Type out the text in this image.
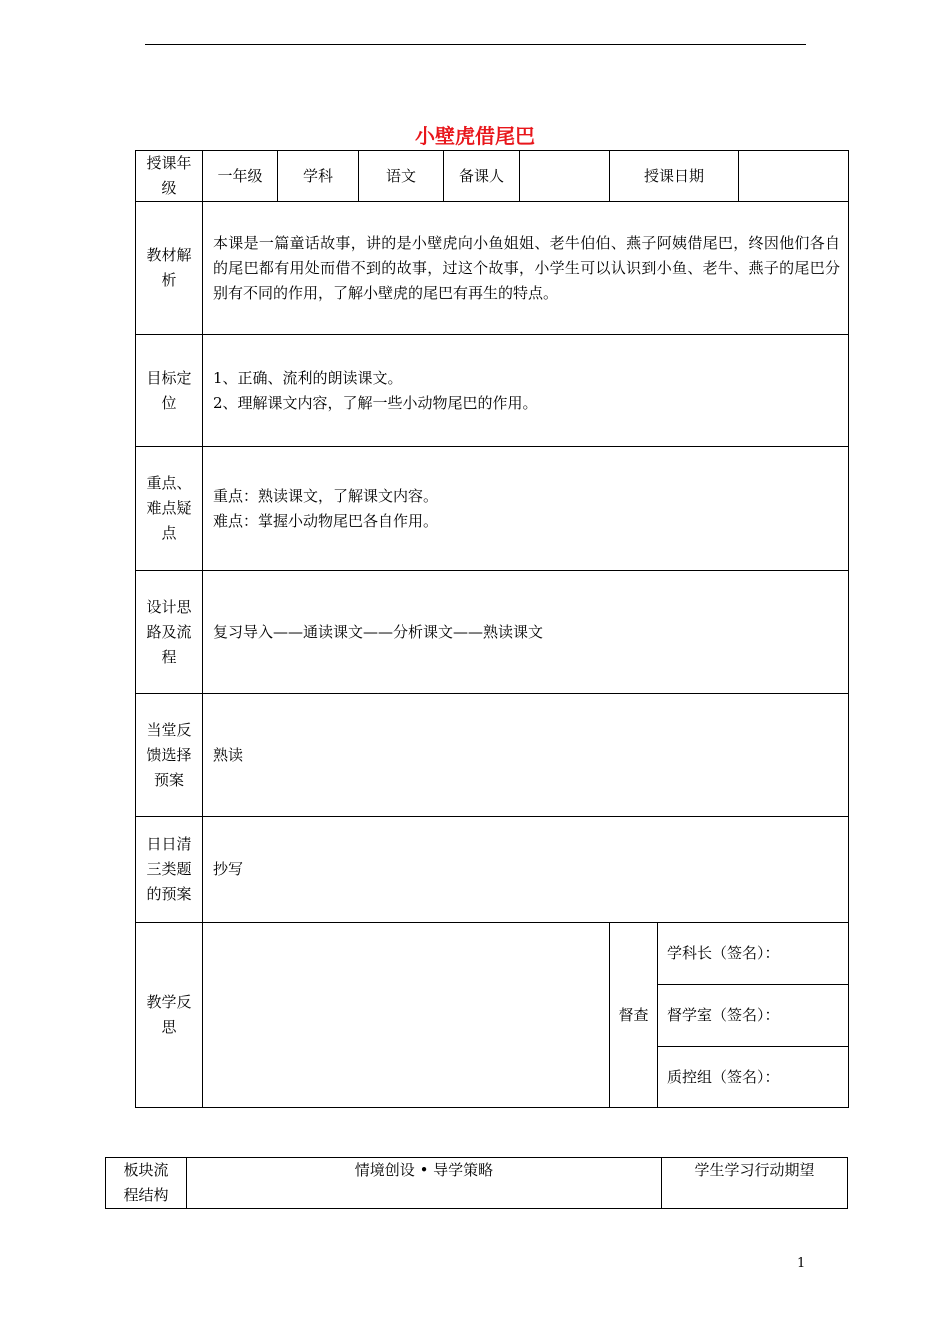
小壁虎借尾巴
授课年级	一年级	学科	语文	备课人		授课日期		
教材解析	本课是一篇童话故事，讲的是小壁虎向小鱼姐姐、老牛伯伯、燕子阿姨借尾巴，终因他们各自的尾巴都有用处而借不到的故事，过这个故事，小学生可以认识到小鱼、老牛、燕子的尾巴分别有不同的作用，了解小壁虎的尾巴有再生的特点。							
目标定位	1、正确、流利的朗读课文。
2、理解课文内容，了解一些小动物尾巴的作用。							

重点、难点疑点	重点：熟读课文，了解课文内容。
难点：掌握小动物尾巴各自作用。							

设计思路及流程	复习导入——通读课文——分析课文——熟读课文							
当堂反馈选择预案	熟读							
日日清三类题的预案	抄写							
教学反思						督查	学科长（签名）：	
							督学室（签名）：	
							质控组（签名）：	
板块流程结构	情境创设 • 导学策略	学生学习行动期望
1
